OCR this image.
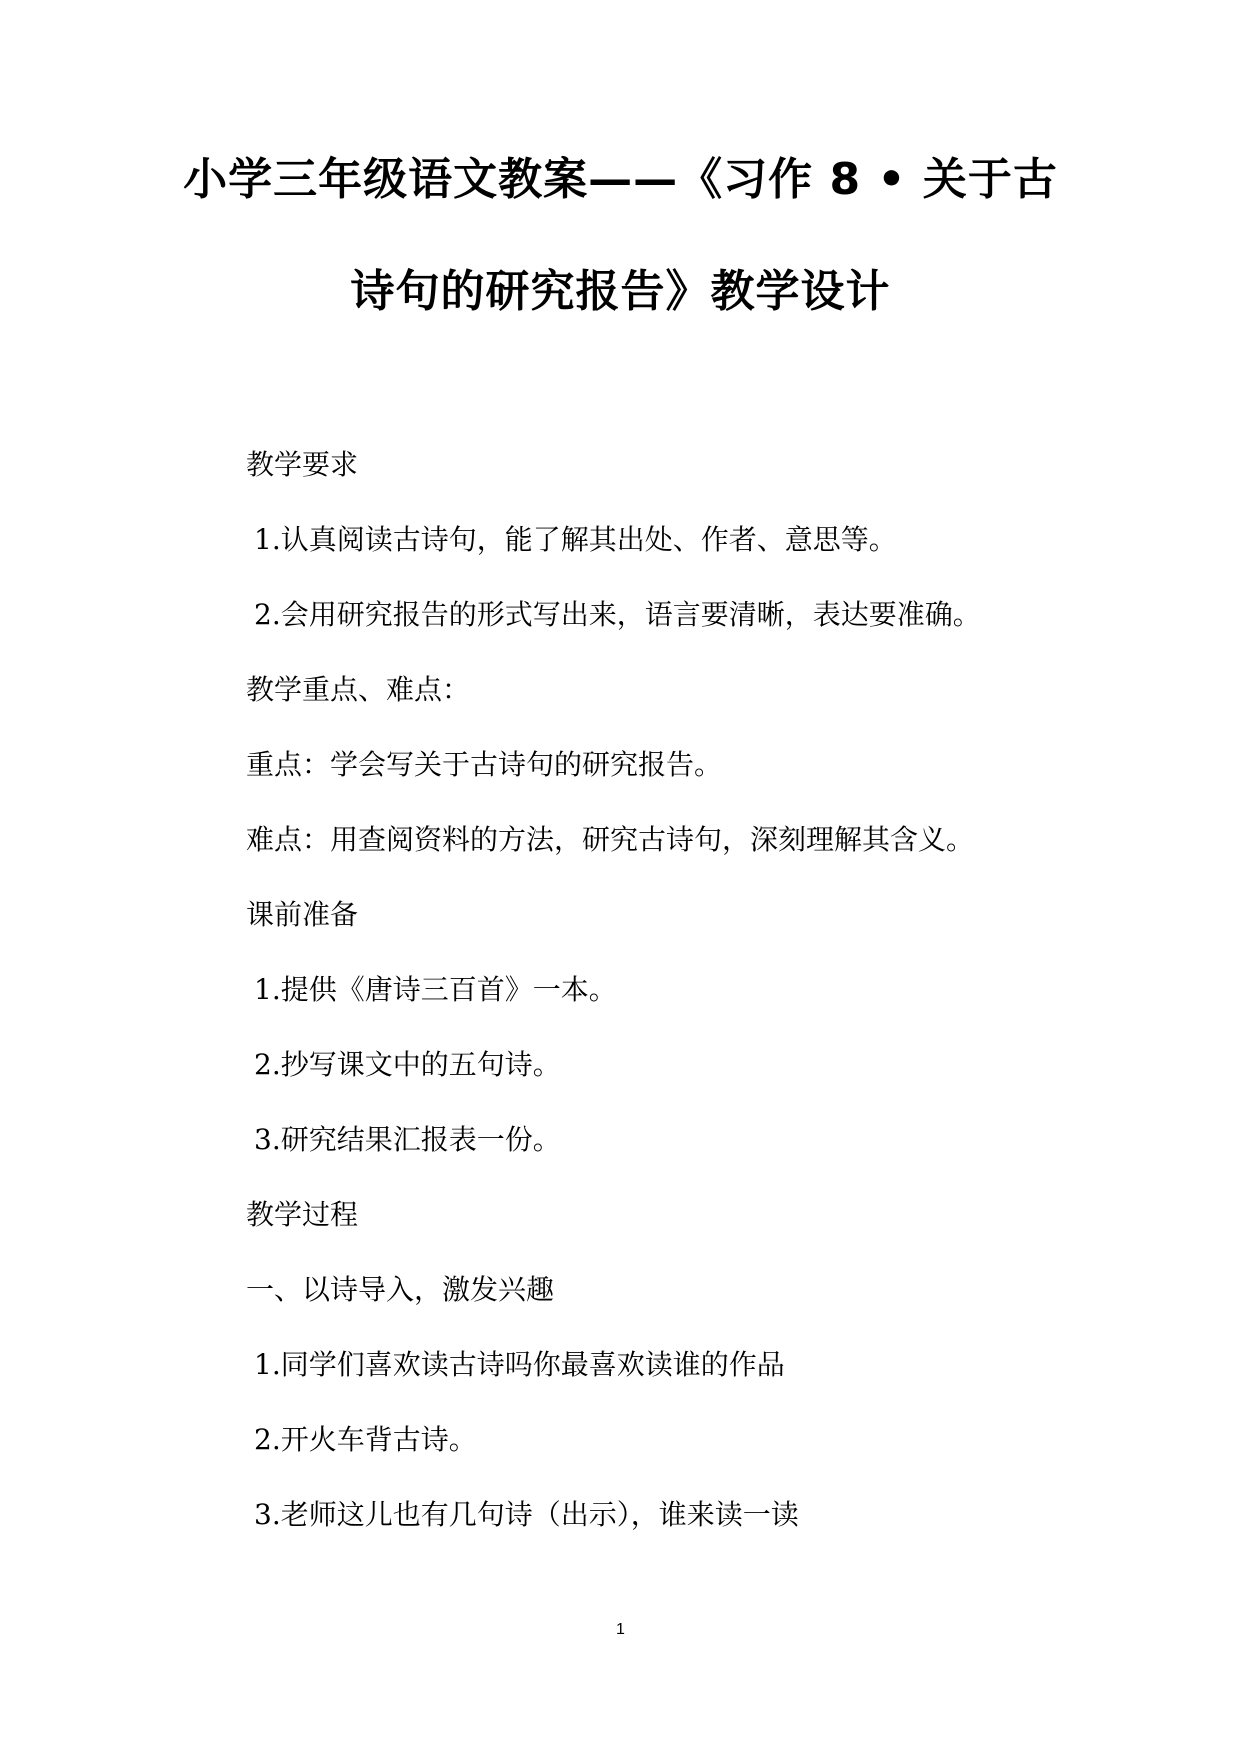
小学三年级语文教案——《习作 8 • 关于古
诗句的研究报告》教学设计
教学要求
1.认真阅读古诗句，能了解其出处、作者、意思等。
2.会用研究报告的形式写出来，语言要清晰，表达要准确。
教学重点、难点：
重点：学会写关于古诗句的研究报告。
难点：用查阅资料的方法，研究古诗句，深刻理解其含义。
课前准备
1.提供《唐诗三百首》一本。
2.抄写课文中的五句诗。
3.研究结果汇报表一份。
教学过程
一、以诗导入，激发兴趣
1.同学们喜欢读古诗吗你最喜欢读谁的作品
2.开火车背古诗。
3.老师这儿也有几句诗（出示），谁来读一读
1
